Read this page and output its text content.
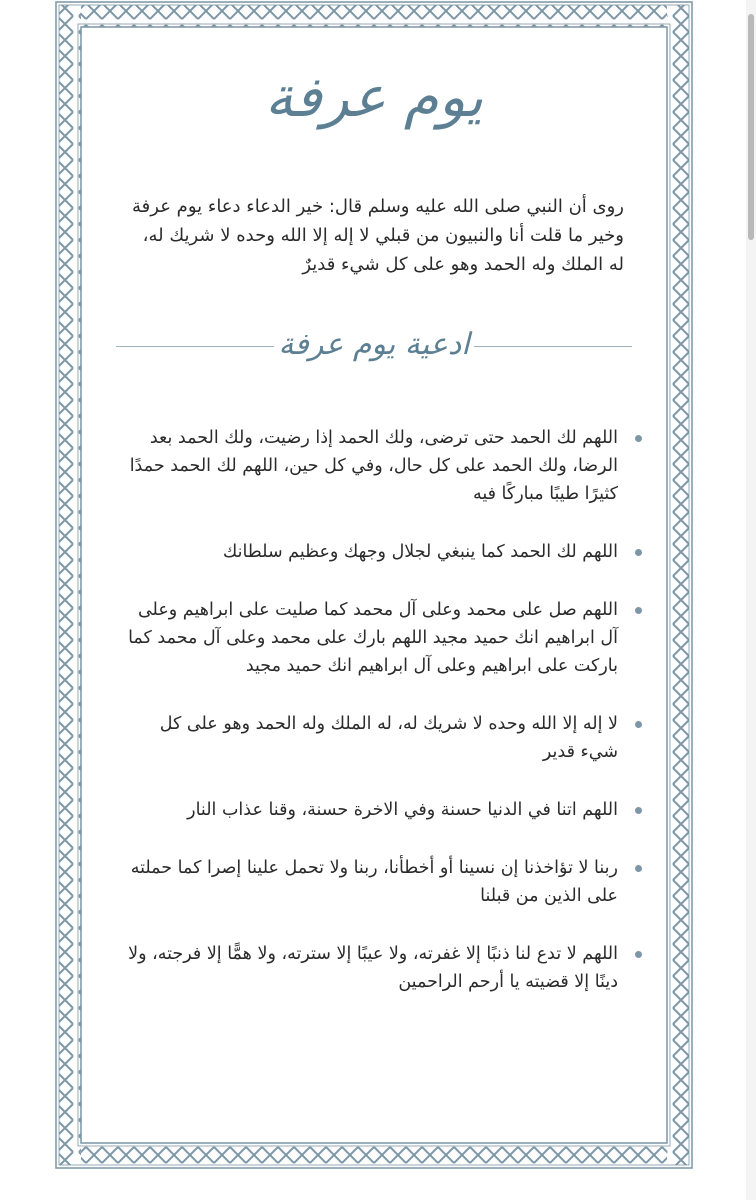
يوم عرفة

روى أن النبي صلى الله عليه وسلم قال: خير الدعاء دعاء يوم عرفة وخير ما قلت أنا والنبيون من قبلي لا إله إلا الله وحده لا شريك له، له الملك وله الحمد وهو على كل شيء قديرٌ

ادعية يوم عرفة
اللهم لك الحمد حتى ترضى، ولك الحمد إذا رضيت، ولك الحمد بعد الرضا، ولك الحمد على كل حال، وفي كل حين، اللهم لك الحمد حمدًا كثيرًا طيبًا مباركًا فيه
اللهم لك الحمد كما ينبغي لجلال وجهك وعظيم سلطانك
اللهم صل على محمد وعلى آل محمد كما صليت على ابراهيم وعلى آل ابراهيم انك حميد مجيد اللهم بارك على محمد وعلى آل محمد كما باركت على ابراهيم وعلى آل ابراهيم انك حميد مجيد
لا إله إلا الله وحده لا شريك له، له الملك وله الحمد وهو على كل شيء قدير
اللهم اتنا في الدنيا حسنة وفي الاخرة حسنة، وقنا عذاب النار
ربنا لا تؤاخذنا إن نسينا أو أخطأنا، ربنا ولا تحمل علينا إصرا كما حملته على الذين من قبلنا
اللهم لا تدع لنا ذنبًا إلا غفرته، ولا عيبًا إلا سترته، ولا همًّا إلا فرجته، ولا دينًا إلا قضيته يا أرحم الراحمين
